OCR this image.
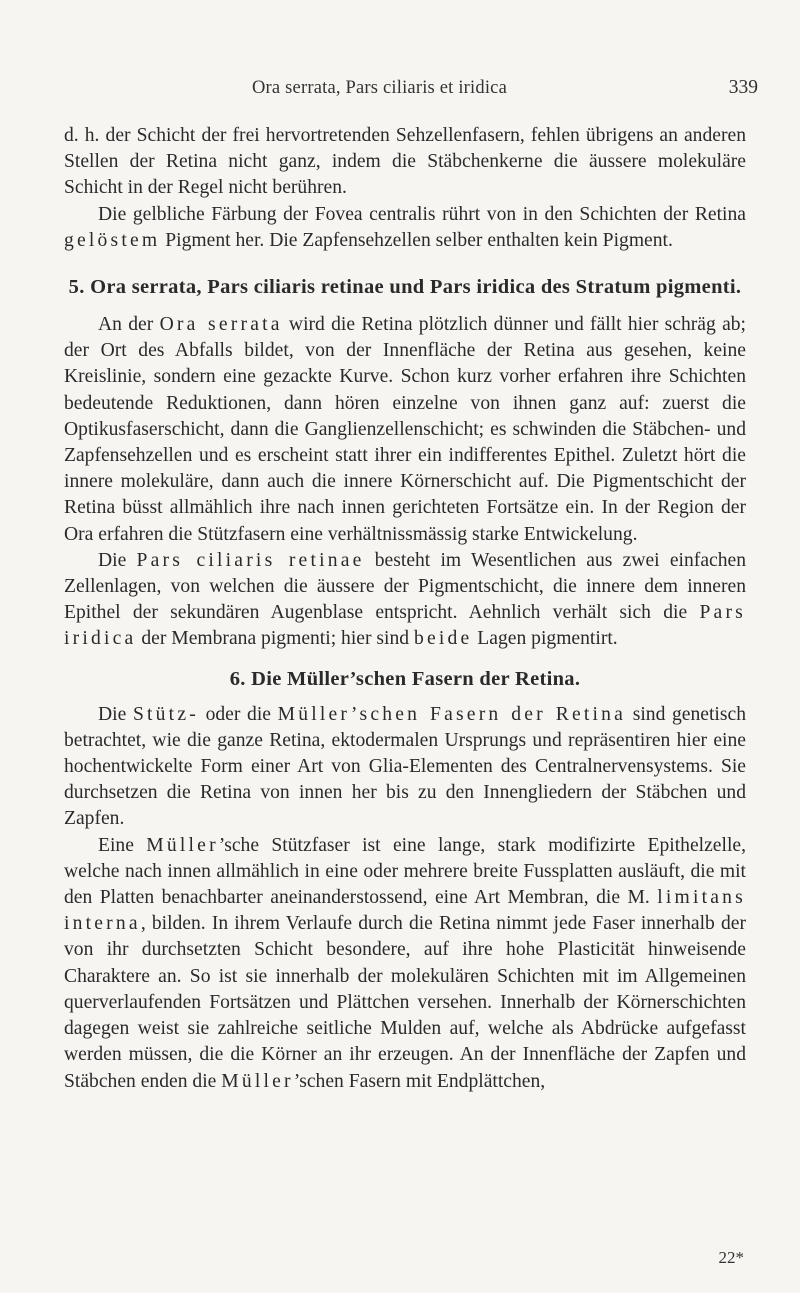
Ora serrata, Pars ciliaris et iridica	339

d. h. der Schicht der frei hervortretenden Sehzellenfasern, fehlen übrigens an anderen Stellen der Retina nicht ganz, indem die Stäbchenkerne die äussere molekuläre Schicht in der Regel nicht berühren.

Die gelbliche Färbung der Fovea centralis rührt von in den Schichten der Retina gelöstem Pigment her. Die Zapfensehzellen selber enthalten kein Pigment.

5. Ora serrata, Pars ciliaris retinae und Pars iridica des Stratum pigmenti.

An der Ora serrata wird die Retina plötzlich dünner und fällt hier schräg ab; der Ort des Abfalls bildet, von der Innenfläche der Retina aus gesehen, keine Kreislinie, sondern eine gezackte Kurve. Schon kurz vorher erfahren ihre Schichten bedeutende Reduktionen, dann hören einzelne von ihnen ganz auf: zuerst die Optikusfaserschicht, dann die Ganglienzellenschicht; es schwinden die Stäbchen- und Zapfensehzellen und es erscheint statt ihrer ein indifferentes Epithel. Zuletzt hört die innere molekuläre, dann auch die innere Körnerschicht auf. Die Pigmentschicht der Retina büsst allmählich ihre nach innen gerichteten Fortsätze ein. In der Region der Ora erfahren die Stützfasern eine verhältnissmässig starke Entwickelung.

Die Pars ciliaris retinae besteht im Wesentlichen aus zwei einfachen Zellenlagen, von welchen die äussere der Pigmentschicht, die innere dem inneren Epithel der sekundären Augenblase entspricht. Aehnlich verhält sich die Pars iridica der Membrana pigmenti; hier sind beide Lagen pigmentirt.

6. Die Müller’schen Fasern der Retina.

Die Stütz- oder die Müller’schen Fasern der Retina sind genetisch betrachtet, wie die ganze Retina, ektodermalen Ursprungs und repräsentiren hier eine hochentwickelte Form einer Art von Glia-Elementen des Centralnervensystems. Sie durchsetzen die Retina von innen her bis zu den Innengliedern der Stäbchen und Zapfen.

Eine Müller’sche Stützfaser ist eine lange, stark modifizirte Epithelzelle, welche nach innen allmählich in eine oder mehrere breite Fussplatten ausläuft, die mit den Platten benachbarter aneinanderstossend, eine Art Membran, die M. limitans interna, bilden. In ihrem Verlaufe durch die Retina nimmt jede Faser innerhalb der von ihr durchsetzten Schicht besondere, auf ihre hohe Plasticität hinweisende Charaktere an. So ist sie innerhalb der molekulären Schichten mit im Allgemeinen querverlaufenden Fortsätzen und Plättchen versehen. Innerhalb der Körnerschichten dagegen weist sie zahlreiche seitliche Mulden auf, welche als Abdrücke aufgefasst werden müssen, die die Körner an ihr erzeugen. An der Innenfläche der Zapfen und Stäbchen enden die Müller’schen Fasern mit Endplättchen,

22*
